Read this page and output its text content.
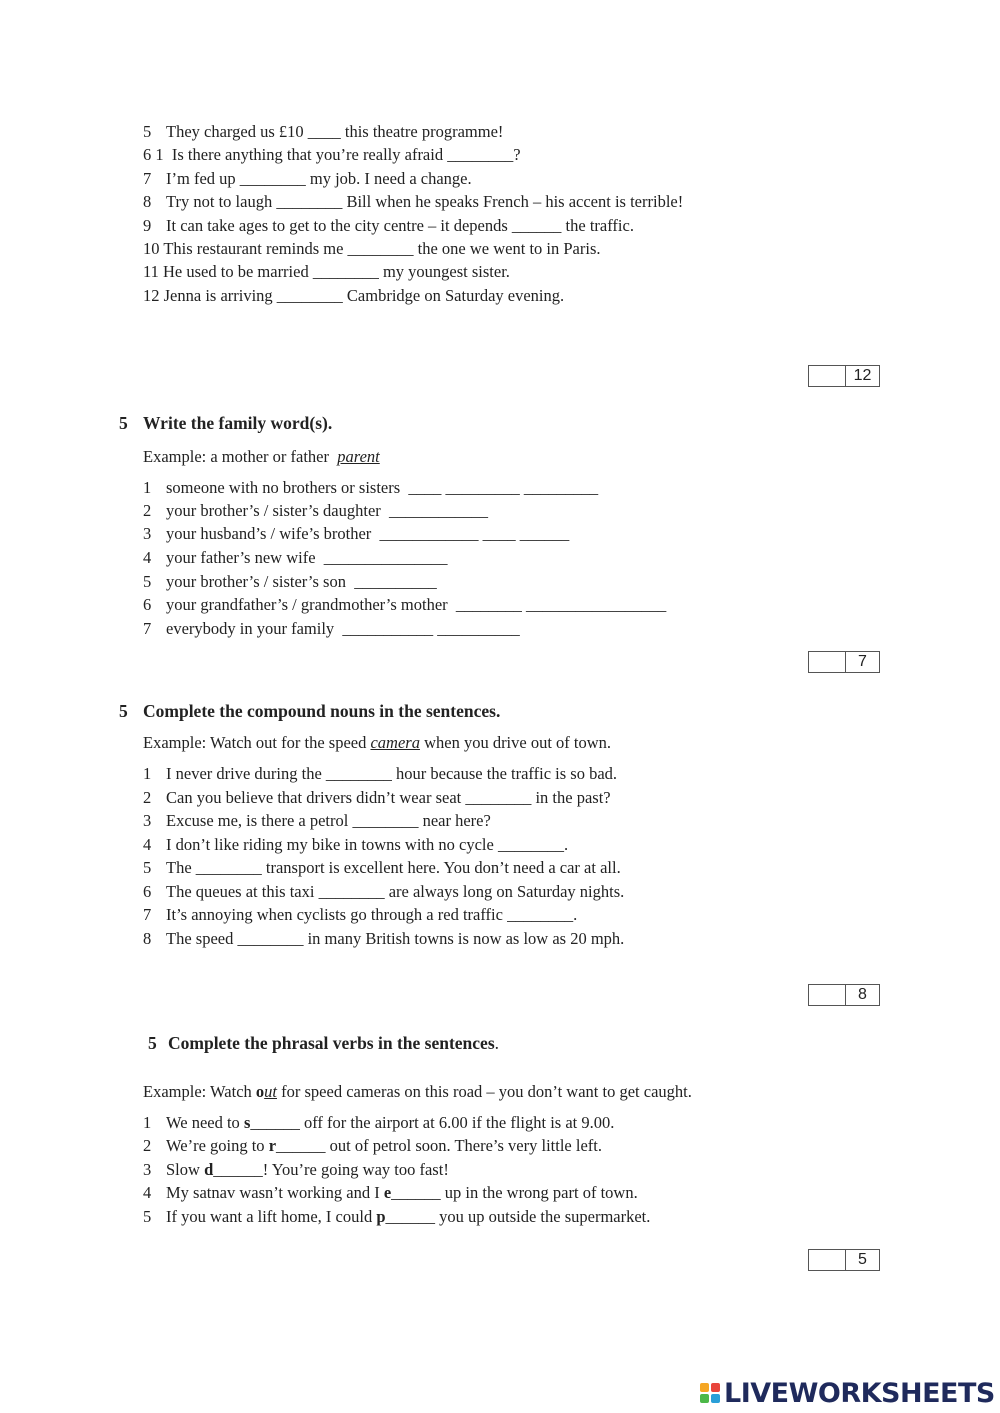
5 They charged us £10 ____ this theatre programme!
6 1  Is there anything that you’re really afraid ________?
7 I’m fed up ________ my job. I need a change.
8 Try not to laugh ________ Bill when he speaks French – his accent is terrible!
9 It can take ages to get to the city centre – it depends ______ the traffic.
10 This restaurant reminds me ________ the one we went to in Paris.
11 He used to be married ________ my youngest sister.
12 Jenna is arriving ________ Cambridge on Saturday evening.
12
5 Write the family word(s).
Example: a mother or father  parent
1 someone with no brothers or sisters  ____ _________ _________
2 your brother’s / sister’s daughter  ____________
3 your husband’s / wife’s brother  ____________ ____ ______
4 your father’s new wife  _______________
5 your brother’s / sister’s son  __________
6 your grandfather’s / grandmother’s mother  ________ _________________
7 everybody in your family  ___________ __________
7
5 Complete the compound nouns in the sentences.
Example: Watch out for the speed camera when you drive out of town.
1 I never drive during the ________ hour because the traffic is so bad.
2 Can you believe that drivers didn’t wear seat ________ in the past?
3 Excuse me, is there a petrol ________ near here?
4 I don’t like riding my bike in towns with no cycle ________.
5 The ________ transport is excellent here. You don’t need a car at all.
6 The queues at this taxi ________ are always long on Saturday nights.
7 It’s annoying when cyclists go through a red traffic ________.
8 The speed ________ in many British towns is now as low as 20 mph.
8
5 Complete the phrasal verbs in the sentences.
Example: Watch out for speed cameras on this road – you don’t want to get caught.
1 We need to s______ off for the airport at 6.00 if the flight is at 9.00.
2 We’re going to r______ out of petrol soon. There’s very little left.
3 Slow d______! You’re going way too fast!
4 My satnav wasn’t working and I e______ up in the wrong part of town.
5 If you want a lift home, I could p______ you up outside the supermarket.
5
LIVEWORKSHEETS
